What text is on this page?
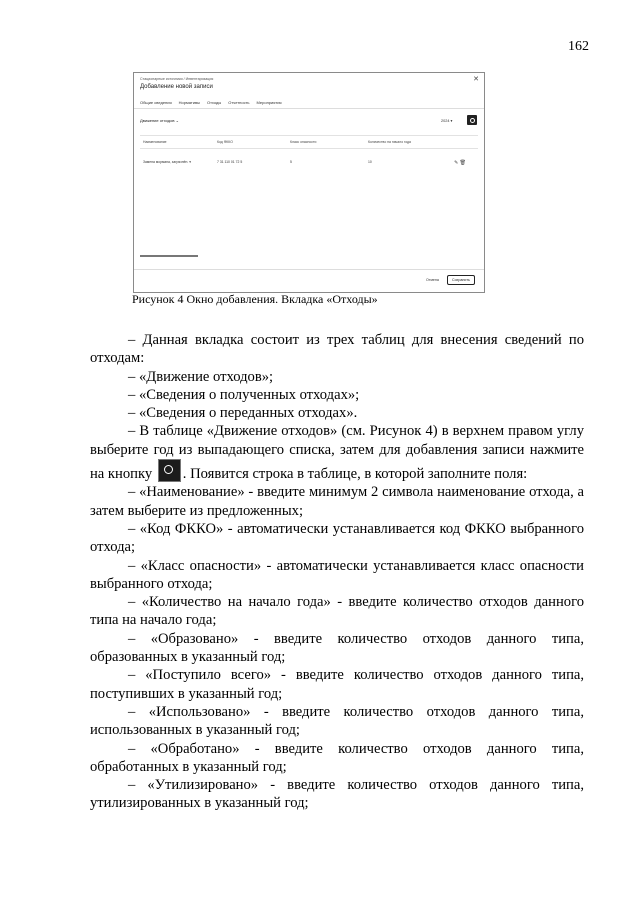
162
Стационарные источники / Инвентаризация
Добавление новой записи
✕
Общие сведения Нормативы Отходы Отчетность Мероприятия
Движение отходов ⌄	2024 ▾
Наименование	Код ФККО	Класс опасности	Количество на начало года
Замена мормана, загрязнён. ▾	7 31 110 01 72 5	5	10	✎ 🗑
Отмена	Сохранить
Рисунок 4 Окно добавления. Вкладка «Отходы»

– Данная вкладка состоит из трех таблиц для внесения сведений по отходам:

– «Движение отходов»;

– «Сведения о полученных отходах»;

– «Сведения о переданных отходах».

– В таблице «Движение отходов» (см. Рисунок 4) в верхнем правом углу выберите год из выпадающего списка, затем для добавления записи нажмите на кнопку . Появится строка в таблице, в которой заполните поля:

– «Наименование» - введите минимум 2 символа наименование отхода, а затем выберите из предложенных;

– «Код ФККО» - автоматически устанавливается код ФККО выбранного отхода;

– «Класс опасности» - автоматически устанавливается класс опасности выбранного отхода;

– «Количество на начало года» - введите количество отходов данного типа на начало года;

– «Образовано» - введите количество отходов данного типа, образованных в указанный год;

– «Поступило всего» - введите количество отходов данного типа, поступивших в указанный год;

– «Использовано» - введите количество отходов данного типа, использованных в указанный год;

– «Обработано» - введите количество отходов данного типа, обработанных в указанный год;

– «Утилизировано» - введите количество отходов данного типа, утилизированных в указанный год;
